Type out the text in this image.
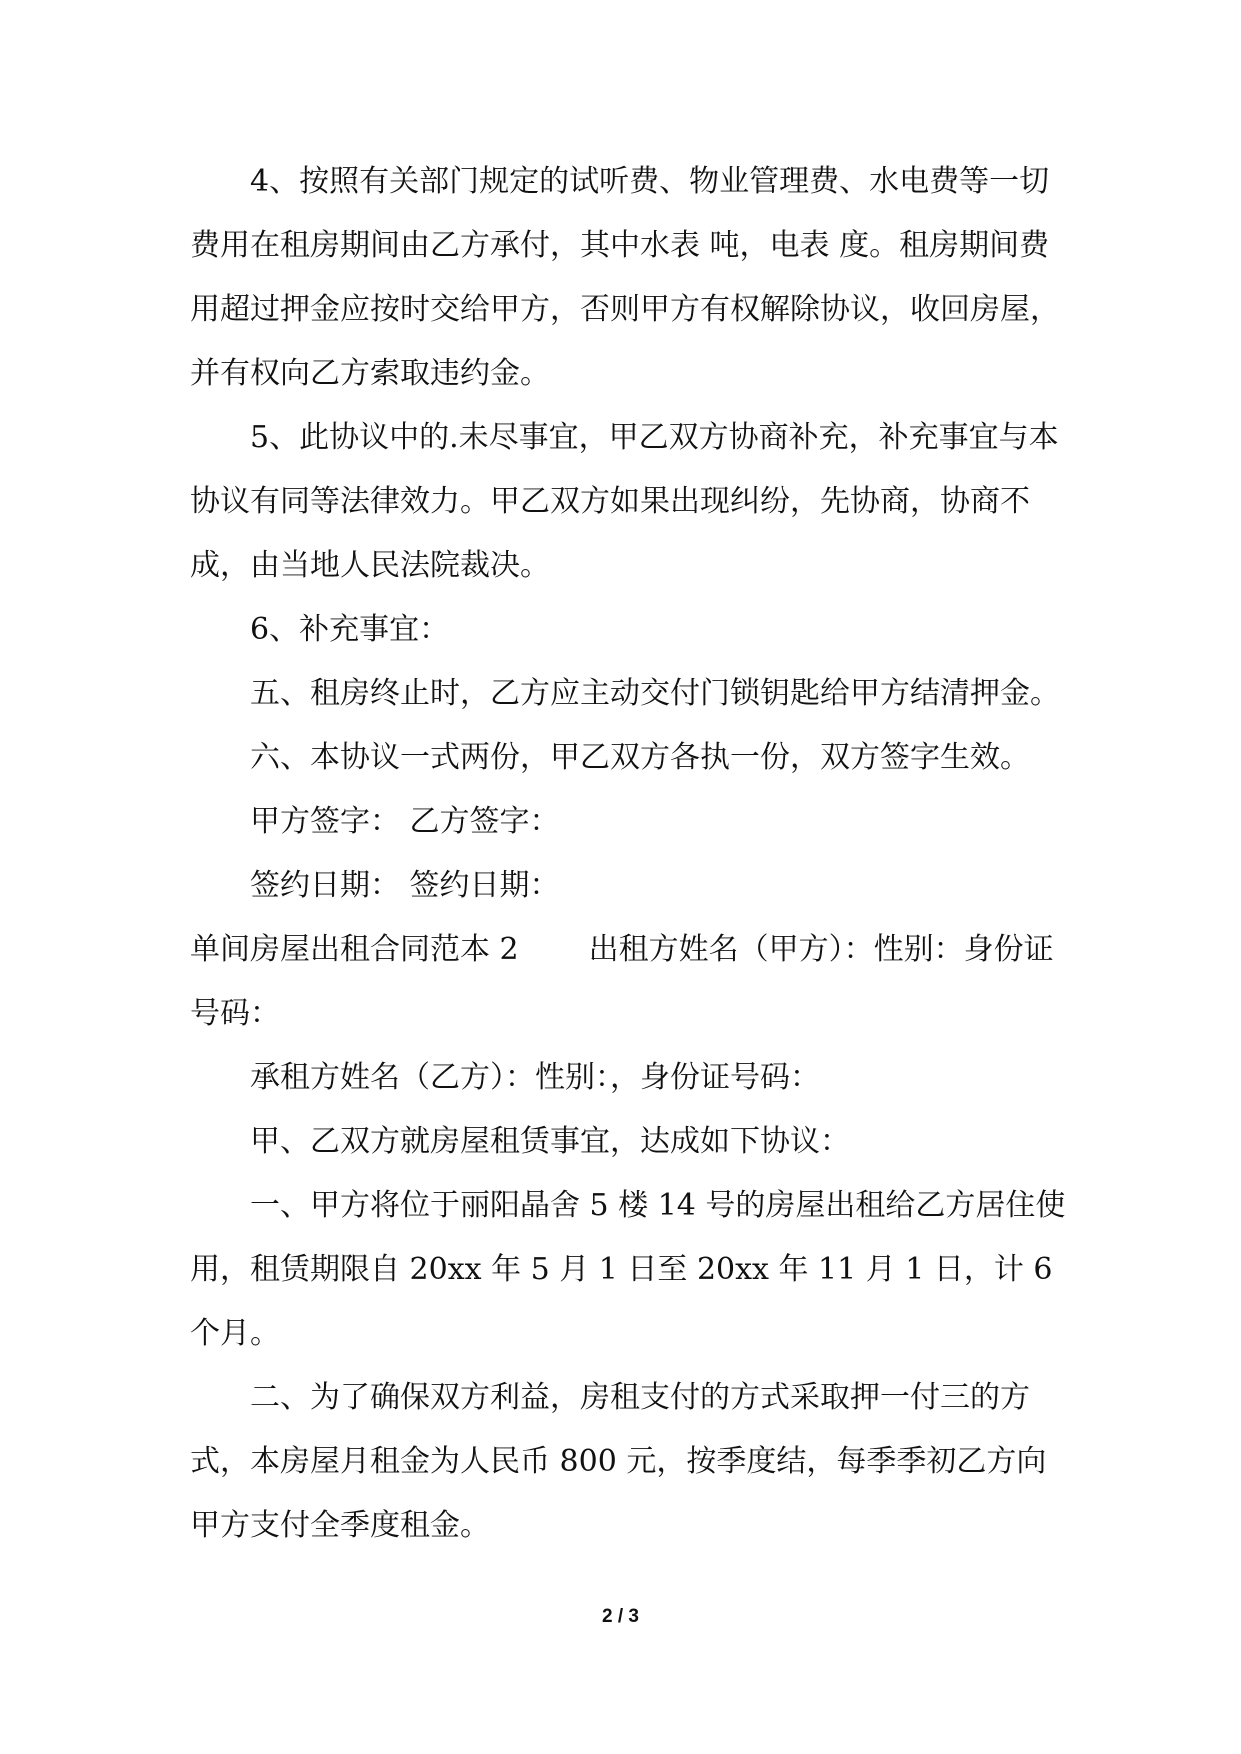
4、按照有关部门规定的试听费、物业管理费、水电费等一切费用在租房期间由乙方承付，其中水表 吨，电表 度。租房期间费用超过押金应按时交给甲方，否则甲方有权解除协议，收回房屋，并有权向乙方索取违约金。

5、此协议中的.未尽事宜，甲乙双方协商补充，补充事宜与本协议有同等法律效力。甲乙双方如果出现纠纷，先协商，协商不成，由当地人民法院裁决。

6、补充事宜：

五、租房终止时，乙方应主动交付门锁钥匙给甲方结清押金。

六、本协议一式两份，甲乙双方各执一份，双方签字生效。

甲方签字： 乙方签字：

签约日期： 签约日期：

单间房屋出租合同范本 2 出租方姓名（甲方）：性别：身份证号码：

承租方姓名（乙方）：性别：，身份证号码：

甲、乙双方就房屋租赁事宜，达成如下协议：

一、甲方将位于丽阳晶舍 5 楼 14 号的房屋出租给乙方居住使用，租赁期限自 20xx 年 5 月 1 日至 20xx 年 11 月 1 日，计 6 个月。

二、为了确保双方利益，房租支付的方式采取押一付三的方式，本房屋月租金为人民币 800 元，按季度结，每季季初乙方向甲方支付全季度租金。

2 / 3
